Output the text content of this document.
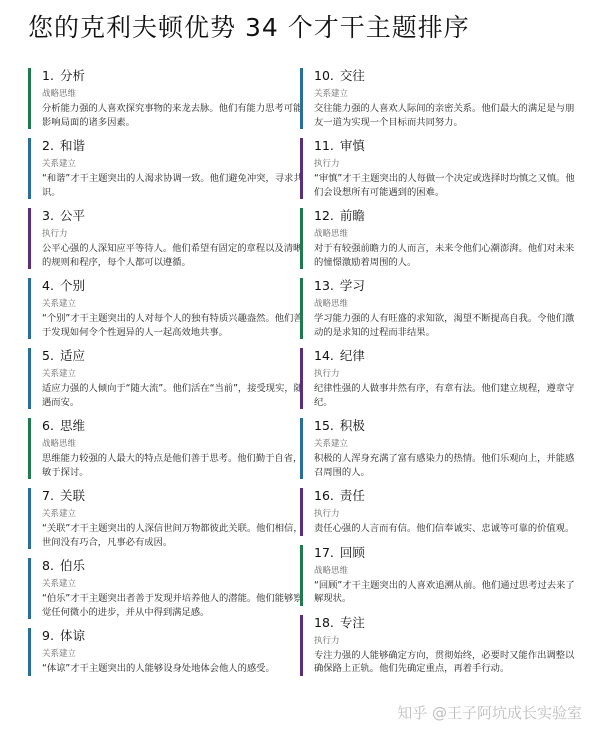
您的克利夫顿优势 34 个才干主题排序
1. 分析
战略思维
分析能力强的人喜欢探究事物的来龙去脉。他们有能力思考可能影响局面的诸多因素。
2. 和谐
关系建立
“和谐”才干主题突出的人渴求协调一致。他们避免冲突，寻求共识。
3. 公平
执行力
公平心强的人深知应平等待人。他们希望有固定的章程以及清晰的规则和程序，每个人都可以遵循。
4. 个别
关系建立
“个别”才干主题突出的人对每个人的独有特质兴趣盎然。他们善于发现如何令个性迥异的人一起高效地共事。
5. 适应
关系建立
适应力强的人倾向于“随大流”。他们活在“当前”，接受现实，随遇而安。
6. 思维
战略思维
思维能力较强的人最大的特点是他们善于思考。他们勤于自省，敏于探讨。
7. 关联
关系建立
“关联”才干主题突出的人深信世间万物都彼此关联。他们相信，世间没有巧合，凡事必有成因。
8. 伯乐
关系建立
“伯乐”才干主题突出者善于发现并培养他人的潜能。他们能够察觉任何微小的进步，并从中得到满足感。
9. 体谅
关系建立
“体谅”才干主题突出的人能够设身处地体会他人的感受。
10. 交往
关系建立
交往能力强的人喜欢人际间的亲密关系。他们最大的满足是与朋友一道为实现一个目标而共同努力。
11. 审慎
执行力
“审慎”才干主题突出的人每做一个决定或选择时均慎之又慎。他们会设想所有可能遇到的困难。
12. 前瞻
战略思维
对于有较强前瞻力的人而言，未来令他们心潮澎湃。他们对未来的憧憬激励着周围的人。
13. 学习
战略思维
学习能力强的人有旺盛的求知欲，渴望不断提高自我。令他们激动的是求知的过程而非结果。
14. 纪律
执行力
纪律性强的人做事井然有序，有章有法。他们建立规程，遵章守纪。
15. 积极
关系建立
积极的人浑身充满了富有感染力的热情。他们乐观向上，并能感召周围的人。
16. 责任
执行力
责任心强的人言而有信。他们信奉诚实、忠诚等可靠的价值观。
17. 回顾
战略思维
“回顾”才干主题突出的人喜欢追溯从前。他们通过思考过去来了解现状。
18. 专注
执行力
专注力强的人能够确定方向，贯彻始终，必要时又能作出调整以确保路上正轨。他们先确定重点，再着手行动。
知乎 @王子阿坑成长实验室
